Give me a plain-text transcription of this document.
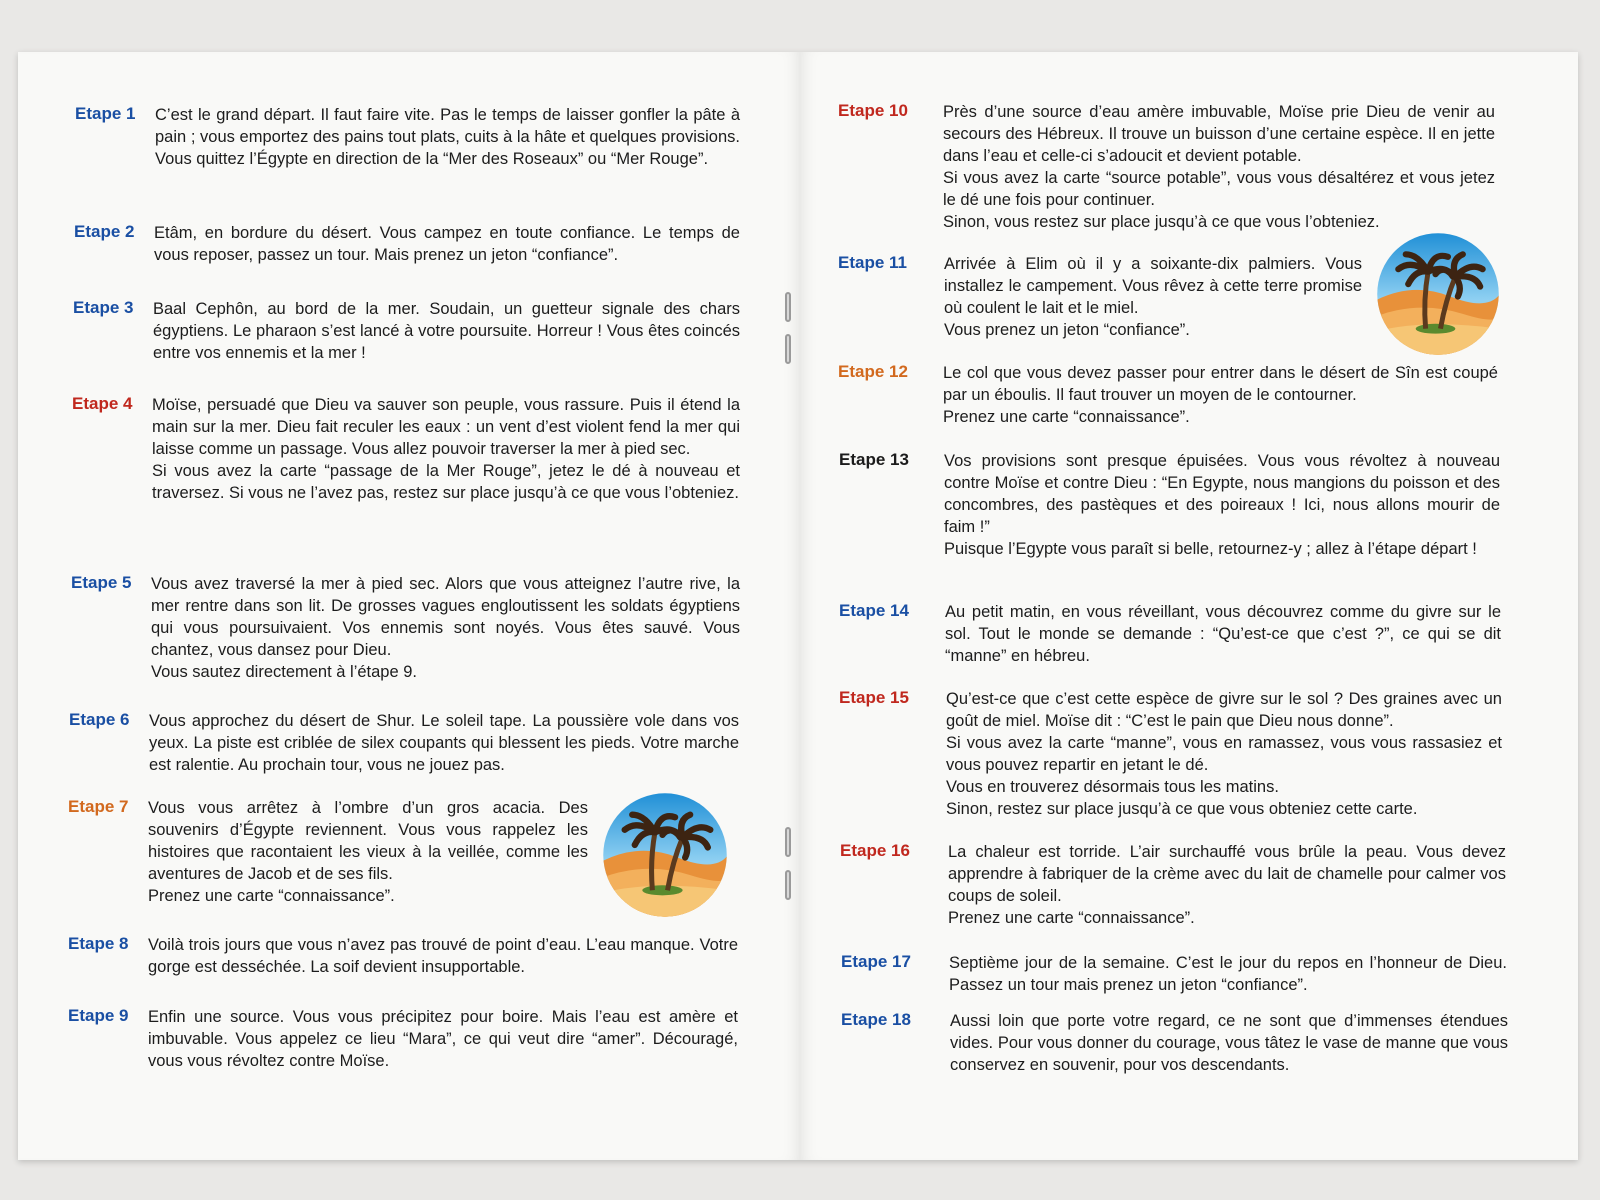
Etape 1	C’est le grand départ. Il faut faire vite. Pas le temps de laisser gonfler la pâte à pain ; vous emportez des pains tout plats, cuits à la hâte et quelques provisions. Vous quittez l’Égypte en direction de la “Mer des Roseaux” ou “Mer Rouge”.

Etape 2	Etâm, en bordure du désert. Vous campez en toute confiance. Le temps de vous reposer, passez un tour. Mais prenez un jeton “confiance”.

Etape 3	Baal Cephôn, au bord de la mer. Soudain, un guetteur signale des chars égyptiens. Le pharaon s’est lancé à votre poursuite. Horreur ! Vous êtes coincés entre vos ennemis et la mer !

Etape 4	Moïse, persuadé que Dieu va sauver son peuple, vous rassure. Puis il étend la main sur la mer. Dieu fait reculer les eaux : un vent d’est violent fend la mer qui laisse comme un passage. Vous allez pouvoir traverser la mer à pied sec.

Si vous avez la carte “passage de la Mer Rouge”, jetez le dé à nouveau et traversez. Si vous ne l’avez pas, restez sur place jusqu’à ce que vous l’obteniez.

Etape 5	Vous avez traversé la mer à pied sec. Alors que vous atteignez l’autre rive, la mer rentre dans son lit. De grosses vagues engloutissent les soldats égyptiens qui vous poursuivaient. Vos ennemis sont noyés. Vous êtes sauvé. Vous chantez, vous dansez pour Dieu.

Vous sautez directement à l’étape 9.

Etape 6	Vous approchez du désert de Shur. Le soleil tape. La poussière vole dans vos yeux. La piste est criblée de silex coupants qui blessent les pieds. Votre marche est ralentie. Au prochain tour, vous ne jouez pas.

Etape 7	Vous vous arrêtez à l’ombre d’un gros acacia. Des souvenirs d’Égypte reviennent. Vous vous rappelez les histoires que racontaient les vieux à la veillée, comme les aventures de Jacob et de ses fils.

Prenez une carte “connaissance”.

Etape 8	Voilà trois jours que vous n’avez pas trouvé de point d’eau. L’eau manque. Votre gorge est desséchée. La soif devient insupportable.

Etape 9	Enfin une source. Vous vous précipitez pour boire. Mais l’eau est amère et imbuvable. Vous appelez ce lieu “Mara”, ce qui veut dire “amer”. Découragé, vous vous révoltez contre Moïse.

Etape 10	Près d’une source d’eau amère imbuvable, Moïse prie Dieu de venir au secours des Hébreux. Il trouve un buisson d’une certaine espèce. Il en jette dans l’eau et celle-ci s’adoucit et devient potable.

Si vous avez la carte “source potable”, vous vous désaltérez et vous jetez le dé une fois pour continuer.

Sinon, vous restez sur place jusqu’à ce que vous l’obteniez.

Etape 11	Arrivée à Elim où il y a soixante-dix palmiers. Vous installez le campement. Vous rêvez à cette terre promise où coulent le lait et le miel.

Vous prenez un jeton “confiance”.

Etape 12	Le col que vous devez passer pour entrer dans le désert de Sîn est coupé par un éboulis. Il faut trouver un moyen de le contourner.

Prenez une carte “connaissance”.

Etape 13	Vos provisions sont presque épuisées. Vous vous révoltez à nouveau contre Moïse et contre Dieu : “En Egypte, nous mangions du poisson et des concombres, des pastèques et des poireaux ! Ici, nous allons mourir de faim !”

Puisque l’Egypte vous paraît si belle, retournez-y ; allez à l’étape départ !

Etape 14	Au petit matin, en vous réveillant, vous découvrez comme du givre sur le sol. Tout le monde se demande : “Qu’est-ce que c’est ?”, ce qui se dit “manne” en hébreu.

Etape 15	Qu’est-ce que c’est cette espèce de givre sur le sol ? Des graines avec un goût de miel. Moïse dit : “C’est le pain que Dieu nous donne”.

Si vous avez la carte “manne”, vous en ramassez, vous vous rassasiez et vous pouvez repartir en jetant le dé.

Vous en trouverez désormais tous les matins.

Sinon, restez sur place jusqu’à ce que vous obteniez cette carte.

Etape 16	La chaleur est torride. L’air surchauffé vous brûle la peau. Vous devez apprendre à fabriquer de la crème avec du lait de chamelle pour calmer vos coups de soleil.

Prenez une carte “connaissance”.

Etape 17	Septième jour de la semaine. C’est le jour du repos en l’honneur de Dieu. Passez un tour mais prenez un jeton “confiance”.

Etape 18	Aussi loin que porte votre regard, ce ne sont que d’immenses étendues vides. Pour vous donner du courage, vous tâtez le vase de manne que vous conservez en souvenir, pour vos descendants.
